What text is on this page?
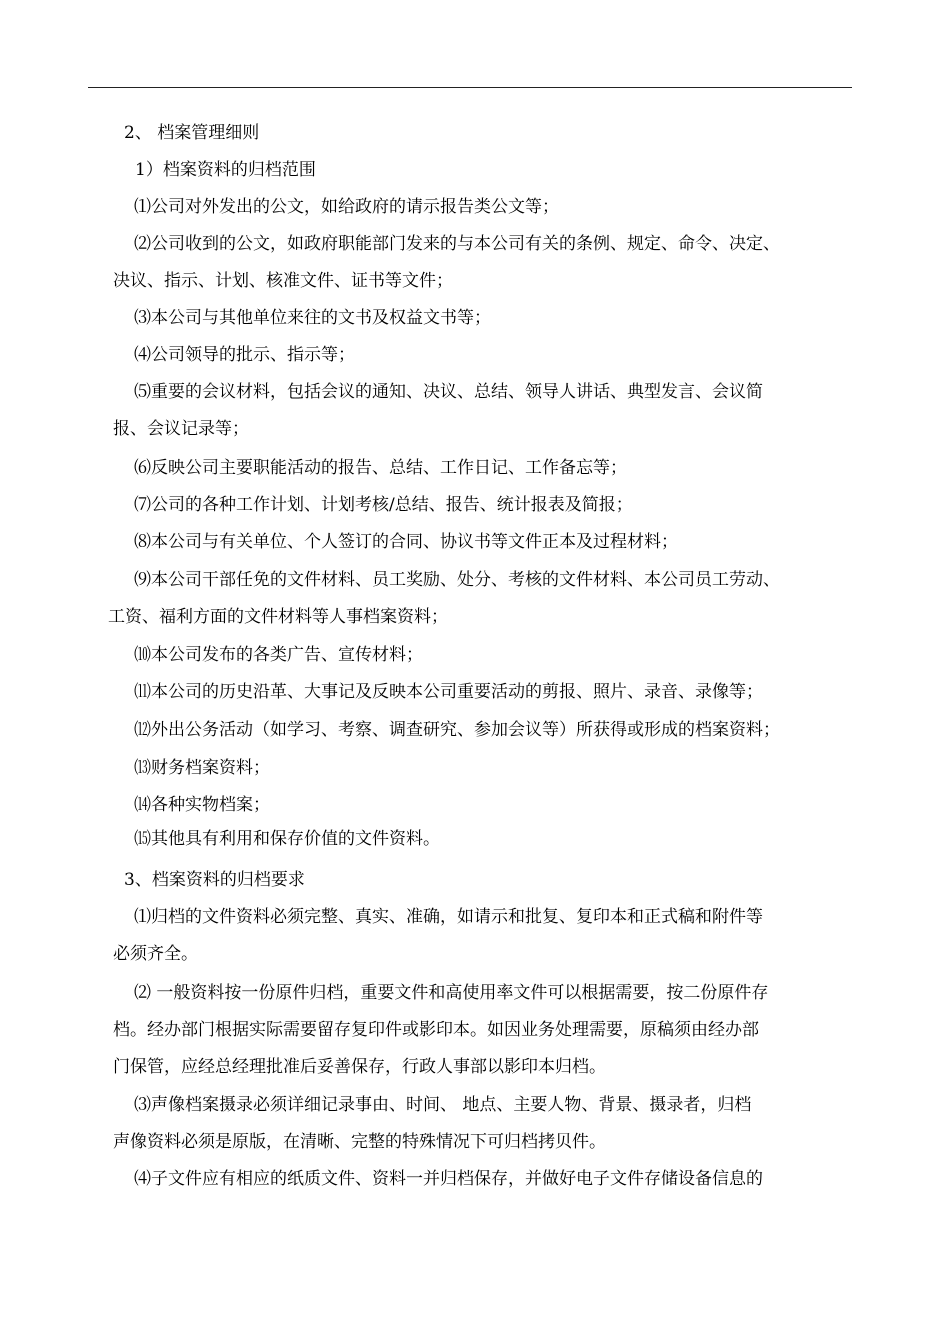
2、 档案管理细则
1）档案资料的归档范围
⑴公司对外发出的公文，如给政府的请示报告类公文等；
⑵公司收到的公文，如政府职能部门发来的与本公司有关的条例、规定、命令、决定、
决议、指示、计划、核准文件、证书等文件；
⑶本公司与其他单位来往的文书及权益文书等；
⑷公司领导的批示、指示等；
⑸重要的会议材料，包括会议的通知、决议、总结、领导人讲话、典型发言、会议简
报、会议记录等；
⑹反映公司主要职能活动的报告、总结、工作日记、工作备忘等；
⑺公司的各种工作计划、计划考核/总结、报告、统计报表及简报；
⑻本公司与有关单位、个人签订的合同、协议书等文件正本及过程材料；
⑼本公司干部任免的文件材料、员工奖励、处分、考核的文件材料、本公司员工劳动、
工资、福利方面的文件材料等人事档案资料；
⑽本公司发布的各类广告、宣传材料；
⑾本公司的历史沿革、大事记及反映本公司重要活动的剪报、照片、录音、录像等；
⑿外出公务活动（如学习、考察、调查研究、参加会议等）所获得或形成的档案资料；
⒀财务档案资料；
⒁各种实物档案；
⒂其他具有利用和保存价值的文件资料。
3、档案资料的归档要求
⑴归档的文件资料必须完整、真实、准确，如请示和批复、复印本和正式稿和附件等
必须齐全。
⑵ 一般资料按一份原件归档，重要文件和高使用率文件可以根据需要，按二份原件存
档。经办部门根据实际需要留存复印件或影印本。如因业务处理需要，原稿须由经办部
门保管，应经总经理批准后妥善保存，行政人事部以影印本归档。
⑶声像档案摄录必须详细记录事由、时间、 地点、主要人物、背景、摄录者，归档
声像资料必须是原版，在清晰、完整的特殊情况下可归档拷贝件。
⑷子文件应有相应的纸质文件、资料一并归档保存，并做好电子文件存储设备信息的
